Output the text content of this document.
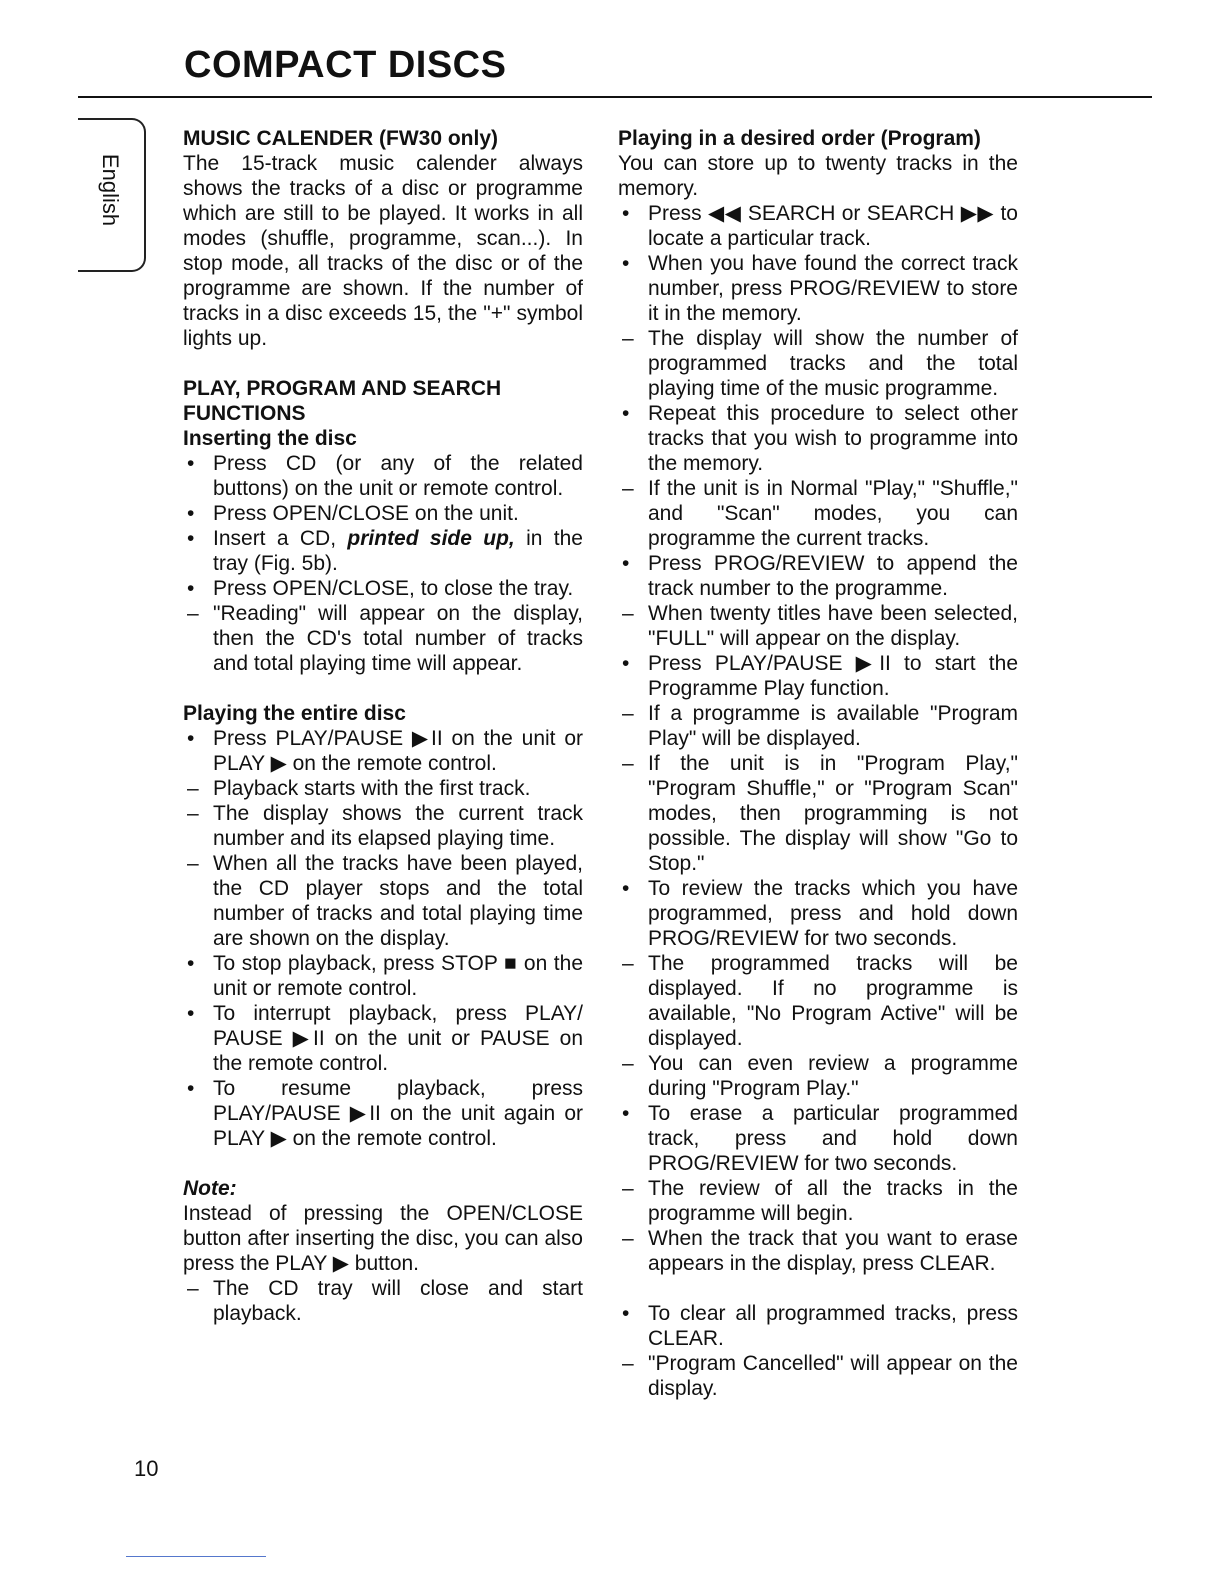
COMPACT DISCS
English

MUSIC CALENDER (FW30 only)

The 15-track music calender always shows the tracks of a disc or programme which are still to be played. It works in all modes (shuffle, programme, scan...). In stop mode, all tracks of the disc or of the programme are shown. If the number of tracks in a disc exceeds 15, the "+" symbol lights up.

PLAY, PROGRAM AND SEARCH

FUNCTIONS

Inserting the disc

• Press CD (or any of the related buttons) on the unit or remote control.
• Press OPEN/CLOSE on the unit.
• Insert a CD, printed side up, in the tray (Fig. 5b).
• Press OPEN/CLOSE, to close the tray.
– "Reading" will appear on the display, then the CD's total number of tracks and total playing time will appear.

Playing the entire disc

• Press PLAY/PAUSE ▶II on the unit or PLAY ▶ on the remote control.
– Playback starts with the first track.
– The display shows the current track number and its elapsed playing time.
– When all the tracks have been played, the CD player stops and the total number of tracks and total playing time are shown on the display.
• To stop playback, press STOP ■ on the unit or remote control.
• To interrupt playback, press PLAY/ PAUSE ▶II on the unit or PAUSE on the remote control.
• To resume playback, press PLAY/PAUSE ▶II on the unit again or PLAY ▶ on the remote control.

Note:

Instead of pressing the OPEN/CLOSE button after inserting the disc, you can also press the PLAY ▶ button.

– The CD tray will close and start playback.

Playing in a desired order (Program)

You can store up to twenty tracks in the memory.

• Press ◀◀ SEARCH or SEARCH ▶▶ to locate a particular track.
• When you have found the correct track number, press PROG/REVIEW to store it in the memory.
– The display will show the number of programmed tracks and the total playing time of the music programme.
• Repeat this procedure to select other tracks that you wish to programme into the memory.
– If the unit is in Normal "Play," "Shuffle," and "Scan" modes, you can programme the current tracks.
• Press PROG/REVIEW to append the track number to the programme.
– When twenty titles have been selected, "FULL" will appear on the display.
• Press PLAY/PAUSE ▶II to start the Programme Play function.
– If a programme is available "Program Play" will be displayed.
– If the unit is in "Program Play," "Program Shuffle," or "Program Scan" modes, then programming is not possible. The display will show "Go to Stop."
• To review the tracks which you have programmed, press and hold down PROG/REVIEW for two seconds.
– The programmed tracks will be displayed. If no programme is available, "No Program Active" will be displayed.
– You can even review a programme during "Program Play."
• To erase a particular programmed track, press and hold down PROG/REVIEW for two seconds.
– The review of all the tracks in the programme will begin.
– When the track that you want to erase appears in the display, press CLEAR.
• To clear all programmed tracks, press CLEAR.
– "Program Cancelled" will appear on the display.
10
